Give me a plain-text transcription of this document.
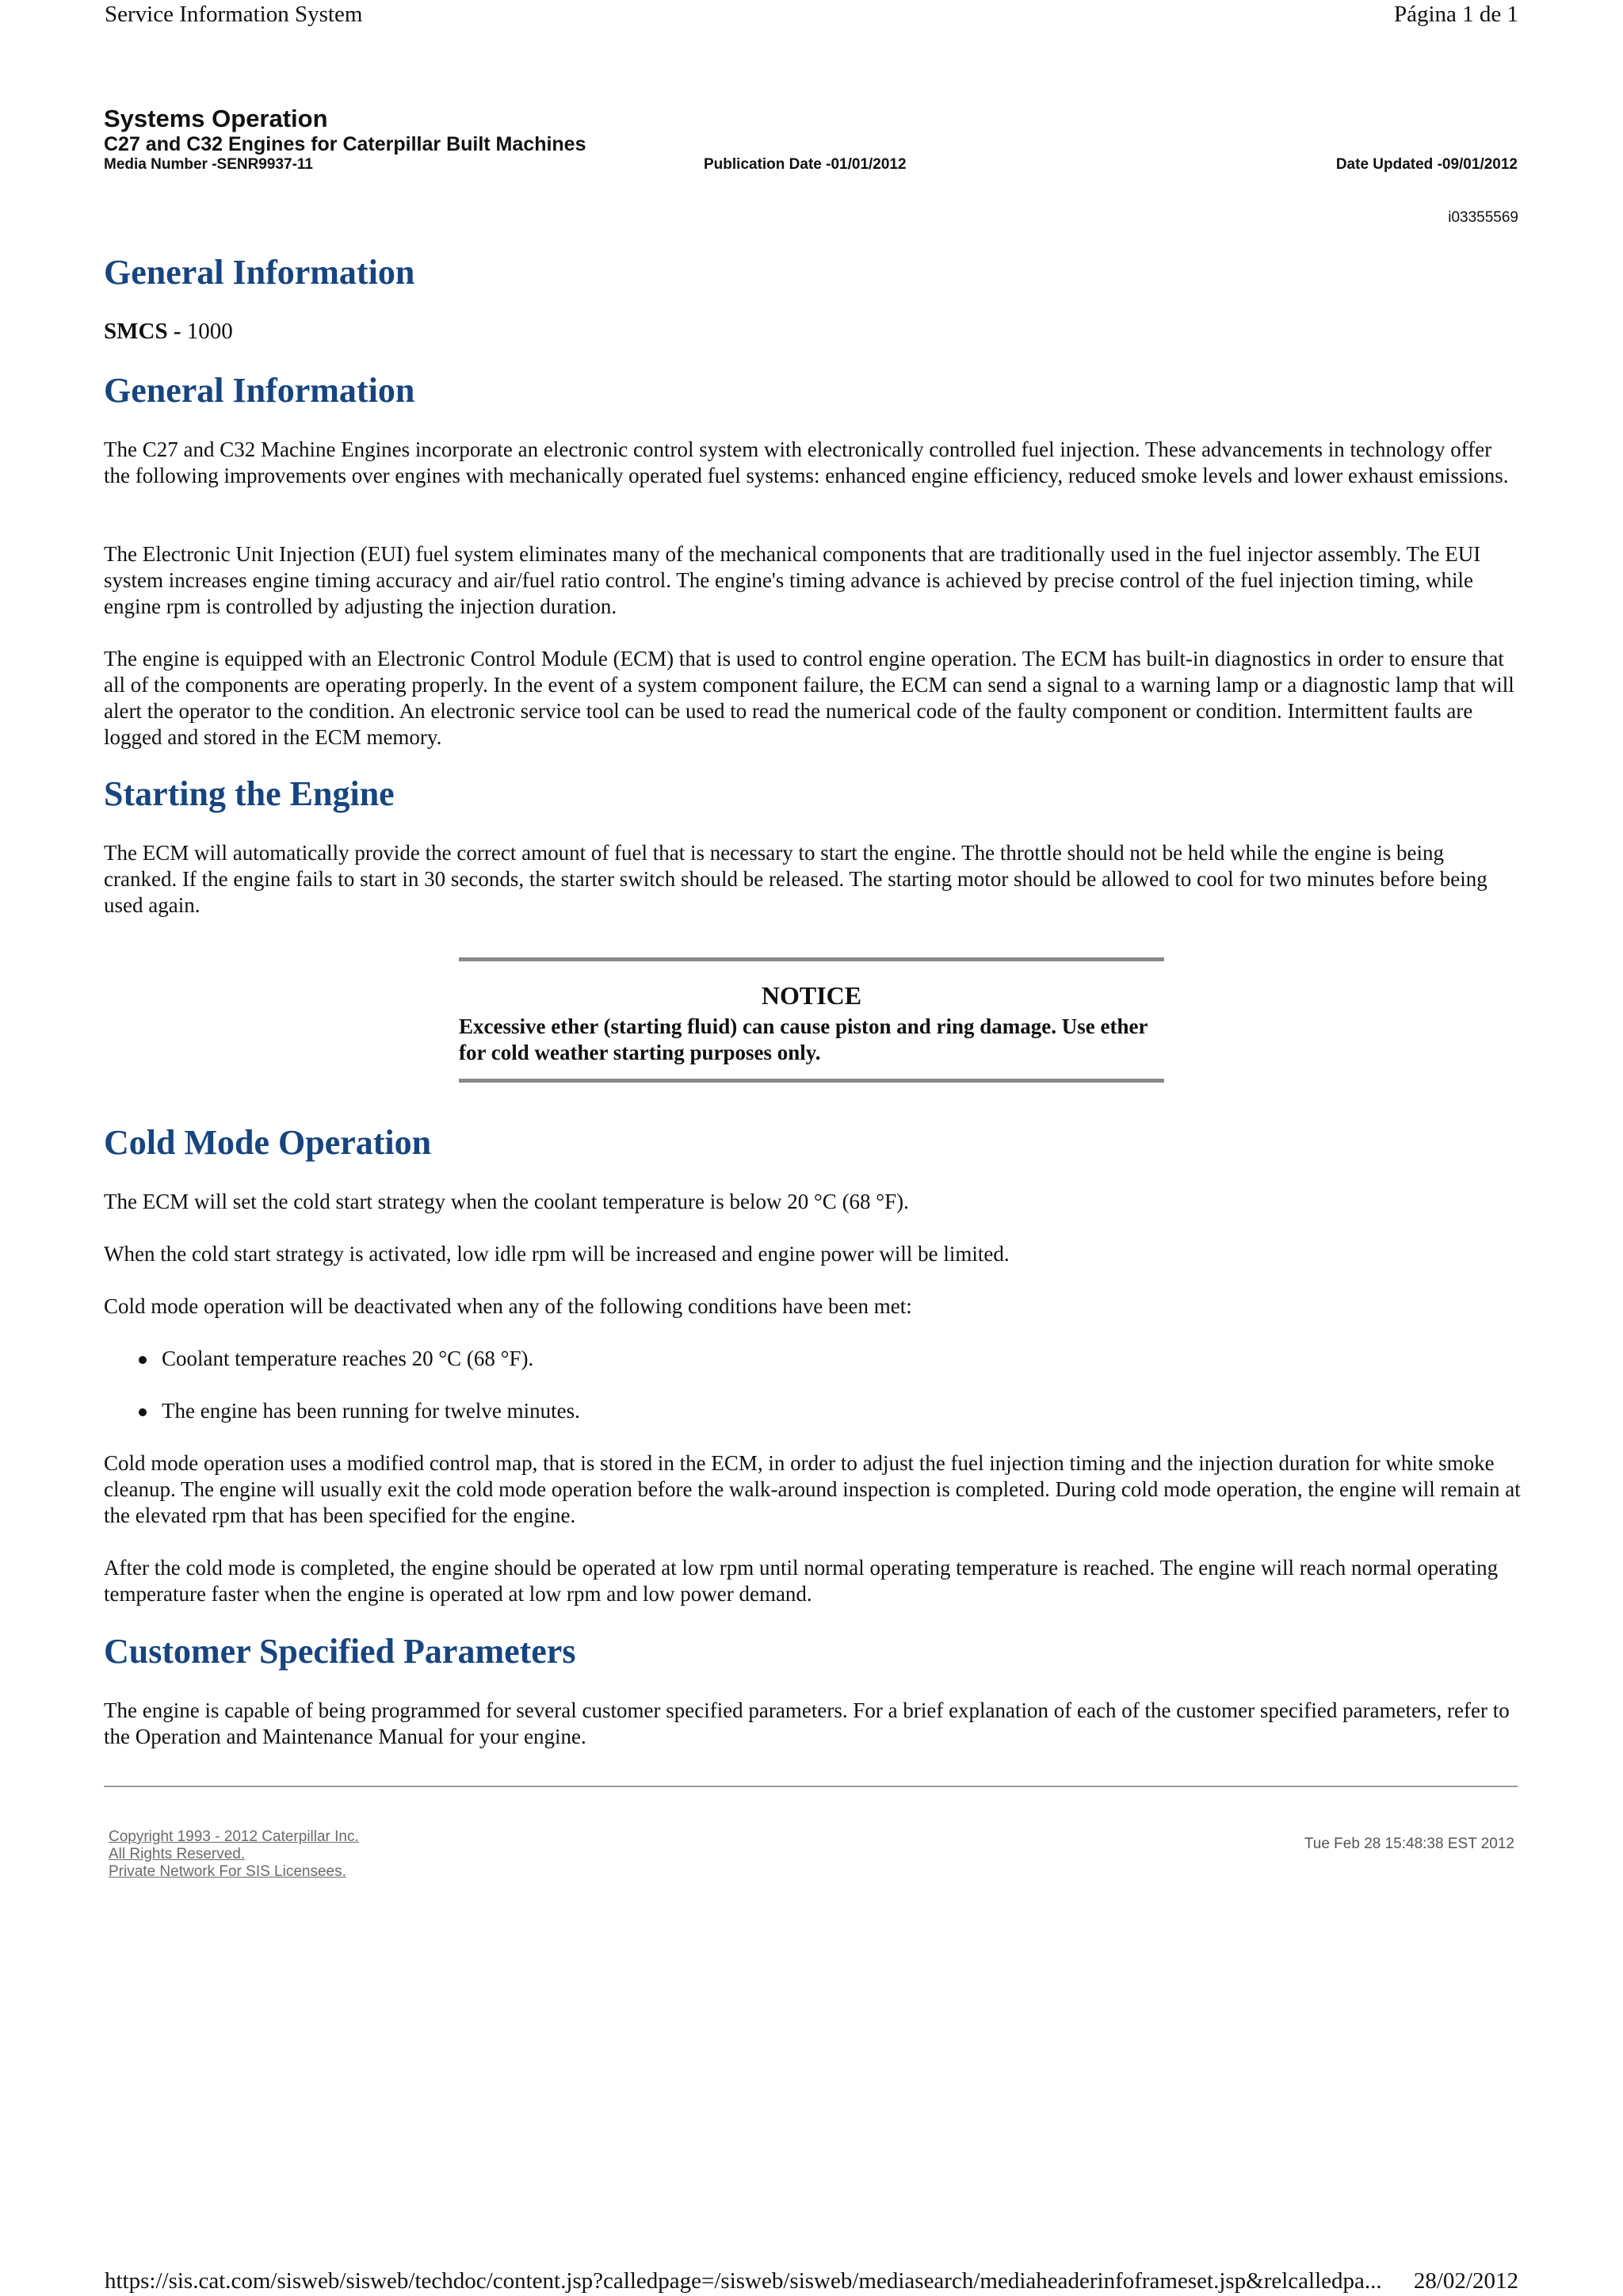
Service Information System	Página 1 de 1
Systems Operation
C27 and C32 Engines for Caterpillar Built Machines
Media Number -SENR9937-11	Publication Date -01/01/2012	Date Updated -09/01/2012
i03355569
General Information
SMCS - 1000
General Information

The C27 and C32 Machine Engines incorporate an electronic control system with electronically controlled fuel injection. These advancements in technology offer the following improvements over engines with mechanically operated fuel systems: enhanced engine efficiency, reduced smoke levels and lower exhaust emissions.

The Electronic Unit Injection (EUI) fuel system eliminates many of the mechanical components that are traditionally used in the fuel injector assembly. The EUI system increases engine timing accuracy and air/fuel ratio control. The engine's timing advance is achieved by precise control of the fuel injection timing, while engine rpm is controlled by adjusting the injection duration.

The engine is equipped with an Electronic Control Module (ECM) that is used to control engine operation. The ECM has built-in diagnostics in order to ensure that all of the components are operating properly. In the event of a system component failure, the ECM can send a signal to a warning lamp or a diagnostic lamp that will alert the operator to the condition. An electronic service tool can be used to read the numerical code of the faulty component or condition. Intermittent faults are logged and stored in the ECM memory.

Starting the Engine

The ECM will automatically provide the correct amount of fuel that is necessary to start the engine. The throttle should not be held while the engine is being cranked. If the engine fails to start in 30 seconds, the starter switch should be released. The starting motor should be allowed to cool for two minutes before being used again.

NOTICE
Excessive ether (starting fluid) can cause piston and ring damage. Use ether for cold weather starting purposes only.
Cold Mode Operation

The ECM will set the cold start strategy when the coolant temperature is below 20 °C (68 °F).

When the cold start strategy is activated, low idle rpm will be increased and engine power will be limited.

Cold mode operation will be deactivated when any of the following conditions have been met:

Coolant temperature reaches 20 °C (68 °F).
The engine has been running for twelve minutes.

Cold mode operation uses a modified control map, that is stored in the ECM, in order to adjust the fuel injection timing and the injection duration for white smoke cleanup. The engine will usually exit the cold mode operation before the walk-around inspection is completed. During cold mode operation, the engine will remain at the elevated rpm that has been specified for the engine.

After the cold mode is completed, the engine should be operated at low rpm until normal operating temperature is reached. The engine will reach normal operating temperature faster when the engine is operated at low rpm and low power demand.

Customer Specified Parameters

The engine is capable of being programmed for several customer specified parameters. For a brief explanation of each of the customer specified parameters, refer to the Operation and Maintenance Manual for your engine.

Copyright 1993 - 2012 Caterpillar Inc.
All Rights Reserved.
Private Network For SIS Licensees.
Tue Feb 28 15:48:38 EST 2012
https://sis.cat.com/sisweb/sisweb/techdoc/content.jsp?calledpage=/sisweb/sisweb/mediasearch/mediaheaderinfoframeset.jsp&relcalledpa... 28/02/2012
